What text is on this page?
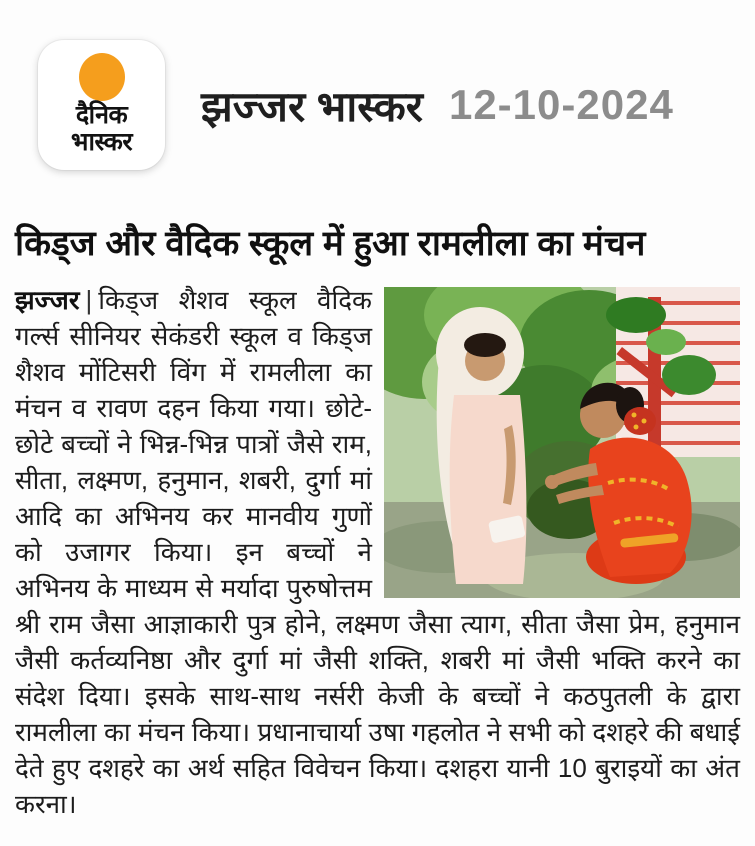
दैनिक
भास्कर
झज्जर भास्कर 12-10-2024
किड्ज और वैदिक स्कूल में हुआ रामलीला का मंचन

झज्जर | किड्ज शैशव स्कूल वैदिक गर्ल्स सीनियर सेकंडरी स्कूल व किड्ज शैशव मोंटिसरी विंग में रामलीला का मंचन व रावण दहन किया गया। छोटे-छोटे बच्चों ने भिन्न-भिन्न पात्रों जैसे राम, सीता, लक्ष्मण, हनुमान, शबरी, दुर्गा मां आदि का अभिनय कर मानवीय गुणों को उजागर किया। इन बच्चों ने अभिनय के माध्यम से मर्यादा पुरुषोत्तम श्री राम जैसा आज्ञाकारी पुत्र होने, लक्ष्मण जैसा त्याग, सीता जैसा प्रेम, हनुमान जैसी कर्तव्यनिष्ठा और दुर्गा मां जैसी शक्ति, शबरी मां जैसी भक्ति करने का संदेश दिया। इसके साथ-साथ नर्सरी केजी के बच्चों ने कठपुतली के द्वारा रामलीला का मंचन किया। प्रधानाचार्या उषा गहलोत ने सभी को दशहरे की बधाई देते हुए दशहरे का अर्थ सहित विवेचन किया। दशहरा यानी 10 बुराइयों का अंत करना।
